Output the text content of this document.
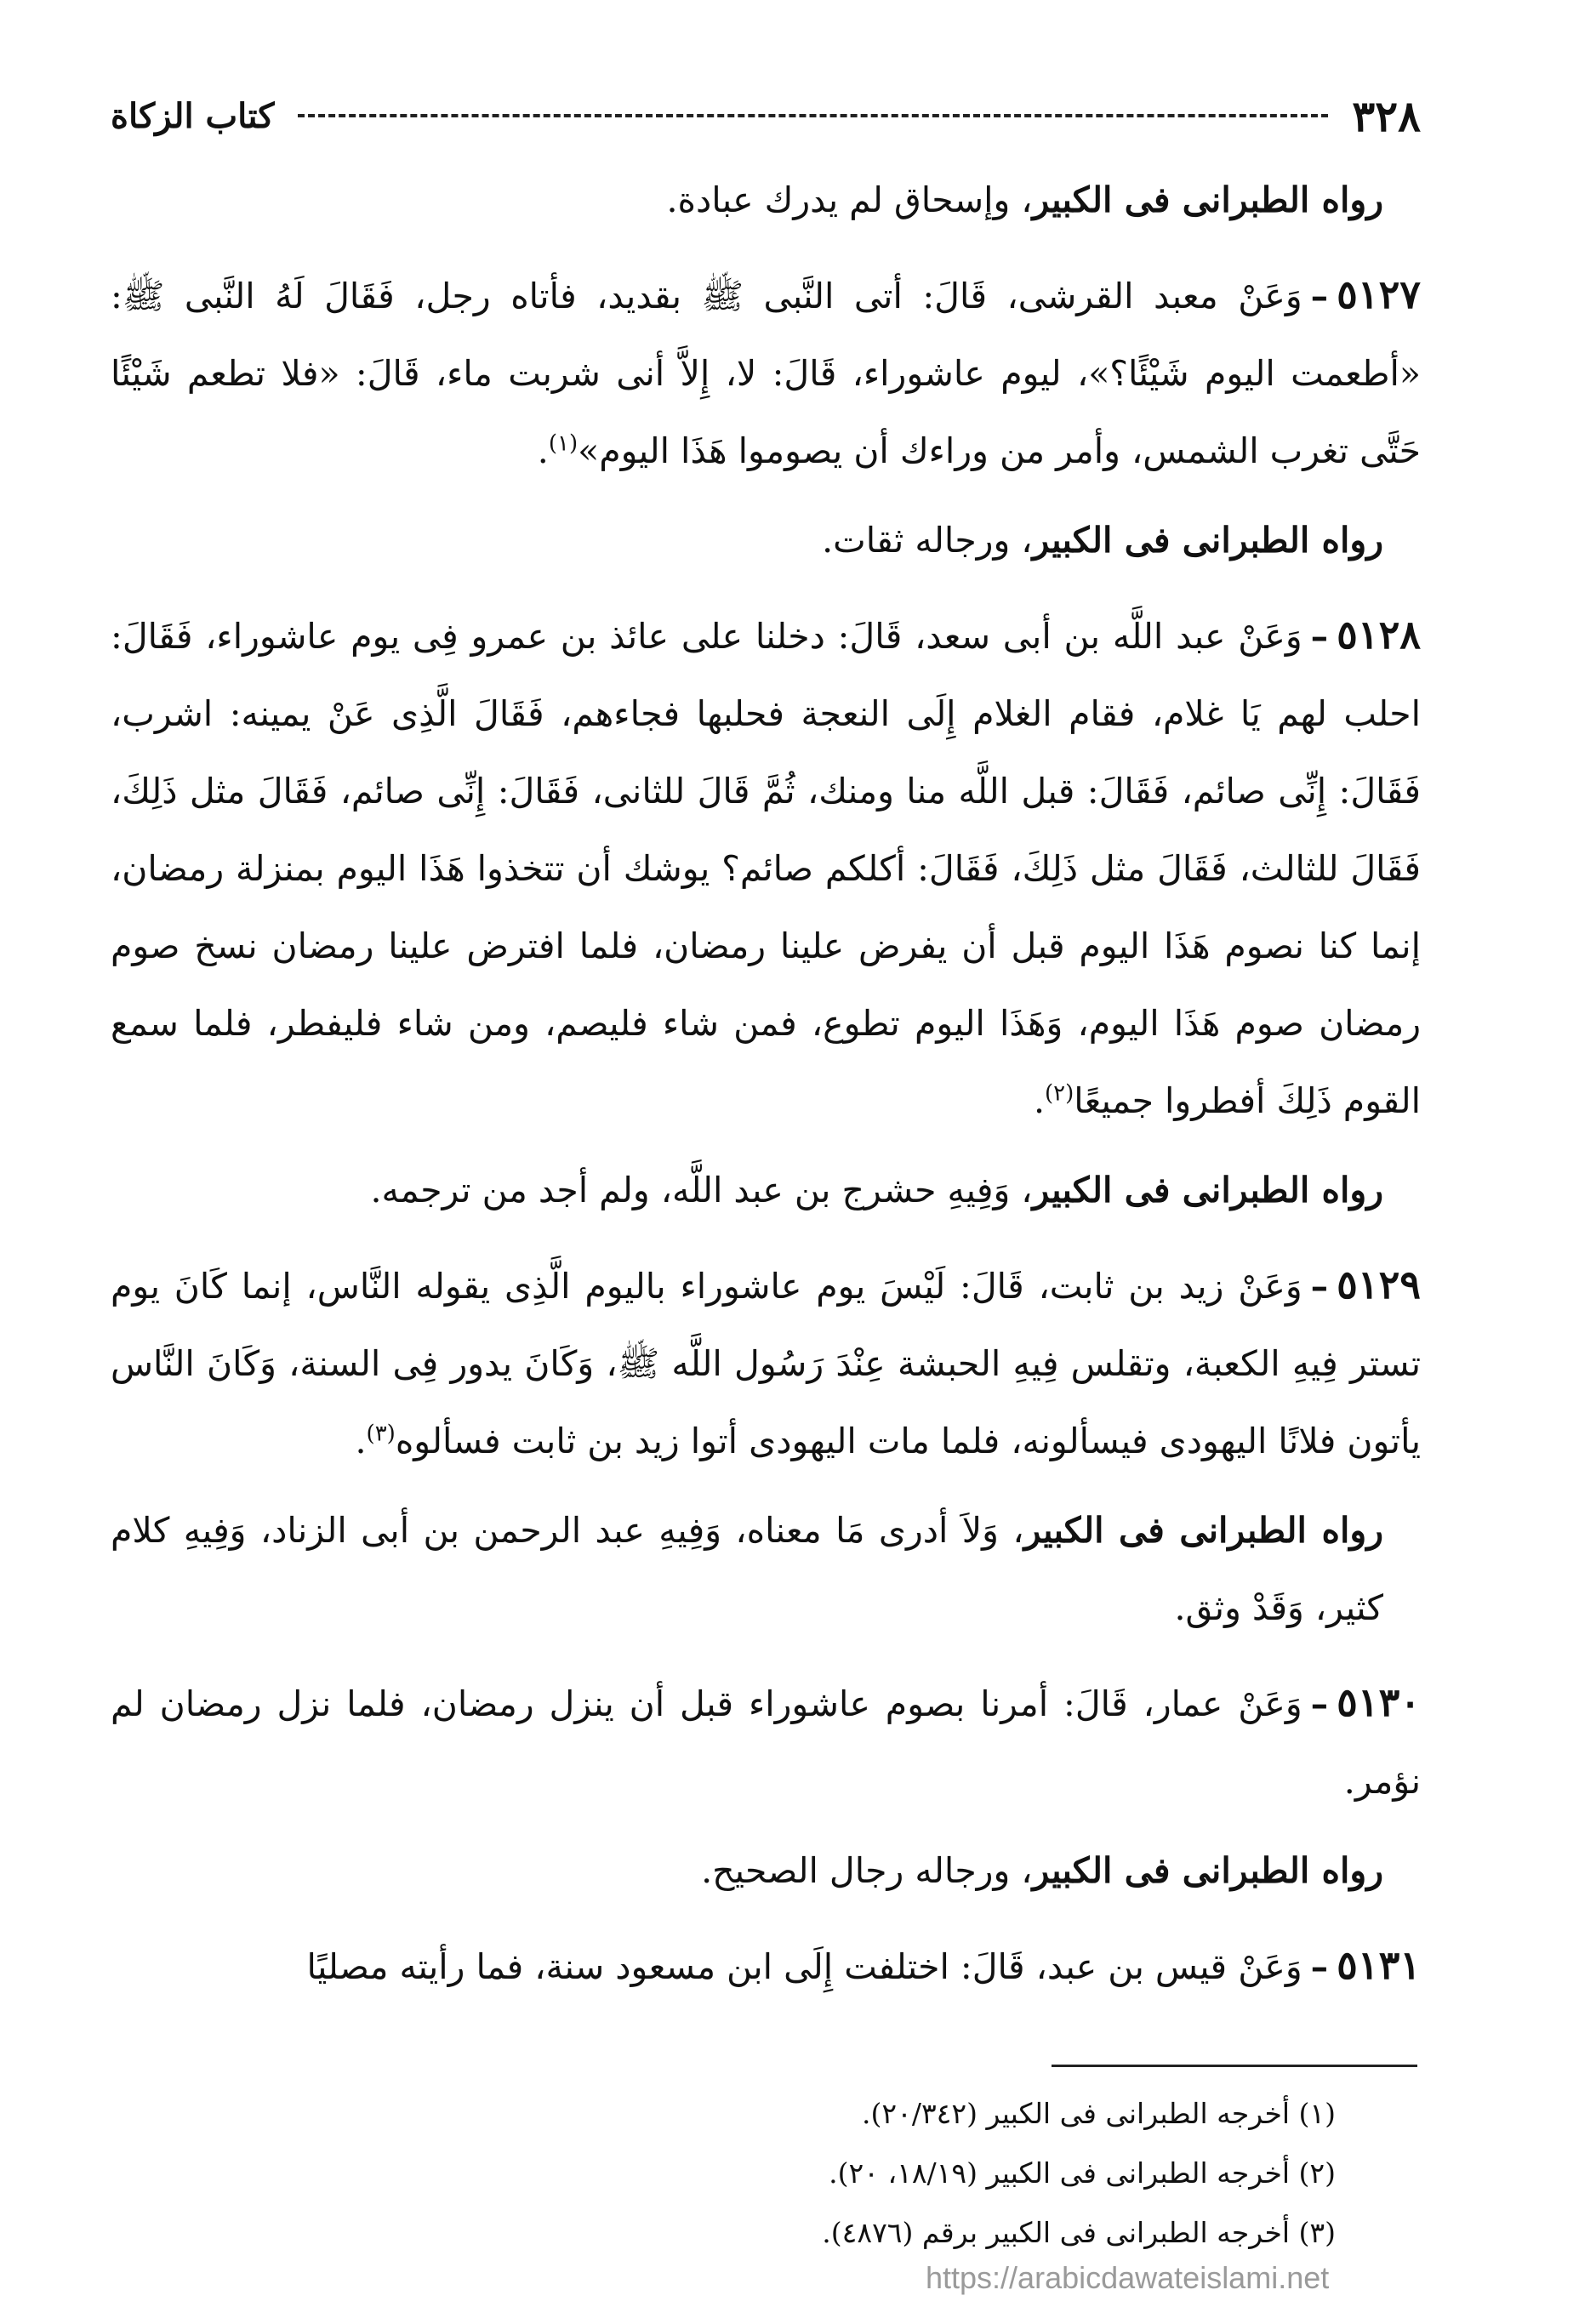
٣٢٨
كتاب الزكاة

رواه الطبرانى فى الكبير، وإسحاق لم يدرك عبادة.

٥١٢٧–وَعَنْ معبد القرشى، قَالَ: أتى النَّبى ﷺ بقديد، فأتاه رجل، فَقَالَ لَهُ النَّبى ﷺ: «أطعمت اليوم شَيْئًا؟»، ليوم عاشوراء، قَالَ: لا، إِلاَّ أنى شربت ماء، قَالَ: «فلا تطعم شَيْئًا حَتَّى تغرب الشمس، وأمر من وراءك أن يصوموا هَذَا اليوم»$^{(١)}$.

رواه الطبرانى فى الكبير، ورجاله ثقات.

٥١٢٨–وَعَنْ عبد اللَّه بن أبى سعد، قَالَ: دخلنا على عائذ بن عمرو فِى يوم عاشوراء، فَقَالَ: احلب لهم يَا غلام، فقام الغلام إِلَى النعجة فحلبها فجاءهم، فَقَالَ الَّذِى عَنْ يمينه: اشرب، فَقَالَ: إِنِّى صائم، فَقَالَ: قبل اللَّه منا ومنك، ثُمَّ قَالَ للثانى، فَقَالَ: إِنِّى صائم، فَقَالَ مثل ذَلِكَ، فَقَالَ للثالث، فَقَالَ مثل ذَلِكَ، فَقَالَ: أكلكم صائم؟ يوشك أن تتخذوا هَذَا اليوم بمنزلة رمضان، إنما كنا نصوم هَذَا اليوم قبل أن يفرض علينا رمضان، فلما افترض علينا رمضان نسخ صوم رمضان صوم هَذَا اليوم، وَهَذَا اليوم تطوع، فمن شاء فليصم، ومن شاء فليفطر، فلما سمع القوم ذَلِكَ أفطروا جميعًا$^{(٢)}$.

رواه الطبرانى فى الكبير، وَفِيهِ حشرج بن عبد اللَّه، ولم أجد من ترجمه.

٥١٢٩–وَعَنْ زيد بن ثابت، قَالَ: لَيْسَ يوم عاشوراء باليوم الَّذِى يقوله النَّاس، إنما كَانَ يوم تستر فِيهِ الكعبة، وتقلس فِيهِ الحبشة عِنْدَ رَسُول اللَّه ﷺ، وَكَانَ يدور فِى السنة، وَكَانَ النَّاس يأتون فلانًا اليهودى فيسألونه، فلما مات اليهودى أتوا زيد بن ثابت فسألوه$^{(٣)}$.

رواه الطبرانى فى الكبير، وَلاَ أدرى مَا معناه، وَفِيهِ عبد الرحمن بن أبى الزناد، وَفِيهِ كلام كثير، وَقَدْ وثق.

٥١٣٠–وَعَنْ عمار، قَالَ: أمرنا بصوم عاشوراء قبل أن ينزل رمضان، فلما نزل رمضان لم نؤمر.

رواه الطبرانى فى الكبير، ورجاله رجال الصحيح.

٥١٣١–وَعَنْ قيس بن عبد، قَالَ: اختلفت إِلَى ابن مسعود سنة، فما رأيته مصليًا

(١) أخرجه الطبرانى فى الكبير (٢٠/٣٤٢).

(٢) أخرجه الطبرانى فى الكبير (١٨/١٩، ٢٠).

(٣) أخرجه الطبرانى فى الكبير برقم (٤٨٧٦).

https://arabicdawateislami.net
